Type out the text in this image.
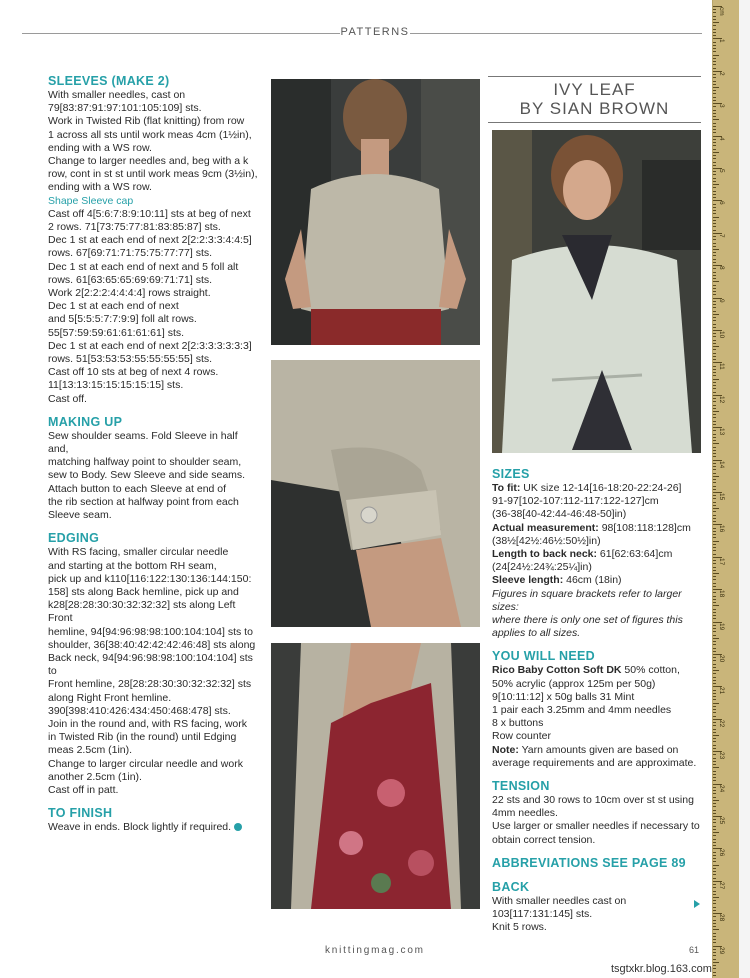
PATTERNS
SLEEVES (MAKE 2)

With smaller needles, cast on

79[83:87:91:97:101:105:109] sts.

Work in Twisted Rib (flat knitting) from row

1 across all sts until work meas 4cm (1½in),

ending with a WS row.

Change to larger needles and, beg with a k

row, cont in st st until work meas 9cm (3½in),

ending with a WS row.

Shape Sleeve cap

Cast off 4[5:6:7:8:9:10:11] sts at beg of next

2 rows. 71[73:75:77:81:83:85:87] sts.

Dec 1 st at each end of next 2[2:2:3:3:4:4:5]

rows. 67[69:71:71:75:75:77:77] sts.

Dec 1 st at each end of next and 5 foll alt

rows. 61[63:65:65:69:69:71:71] sts.

Work 2[2:2:2:4:4:4:4] rows straight.

Dec 1 st at each end of next

and 5[5:5:5:7:7:9:9] foll alt rows.

55[57:59:59:61:61:61:61] sts.

Dec 1 st at each end of next 2[2:3:3:3:3:3:3]

rows. 51[53:53:53:55:55:55:55] sts.

Cast off 10 sts at beg of next 4 rows.

11[13:13:15:15:15:15:15] sts.

Cast off.

MAKING UP

Sew shoulder seams. Fold Sleeve in half and,

matching halfway point to shoulder seam,

sew to Body. Sew Sleeve and side seams.

Attach button to each Sleeve at end of

the rib section at halfway point from each

Sleeve seam.

EDGING

With RS facing, smaller circular needle

and starting at the bottom RH seam,

pick up and k110[116:122:130:136:144:150:

158] sts along Back hemline, pick up and

k28[28:28:30:30:32:32:32] sts along Left Front

hemline, 94[94:96:98:98:100:104:104] sts to

shoulder, 36[38:40:42:42:42:46:48] sts along

Back neck, 94[94:96:98:98:100:104:104] sts to

Front hemline, 28[28:28:30:30:32:32:32] sts

along Right Front hemline.

390[398:410:426:434:450:468:478] sts.

Join in the round and, with RS facing, work

in Twisted Rib (in the round) until Edging

meas 2.5cm (1in).

Change to larger circular needle and work

another 2.5cm (1in).

Cast off in patt.

TO FINISH

Weave in ends. Block lightly if required.

IVY LEAF
BY SIAN BROWN
SIZES

To fit: UK size 12-14[16-18:20-22:24-26]

91-97[102-107:112-117:122-127]cm

(36-38[40-42:44-46:48-50]in)

Actual measurement: 98[108:118:128]cm

(38½[42½:46½:50½]in)

Length to back neck: 61[62:63:64]cm

(24[24½:24¾:25¼]in)

Sleeve length: 46cm (18in)

Figures in square brackets refer to larger sizes:

where there is only one set of figures this

applies to all sizes.

YOU WILL NEED

Rico Baby Cotton Soft DK 50% cotton,

50% acrylic (approx 125m per 50g)

9[10:11:12] x 50g balls 31 Mint

1 pair each 3.25mm and 4mm needles

8 x buttons

Row counter

Note: Yarn amounts given are based on

average requirements and are approximate.

TENSION

22 sts and 30 rows to 10cm over st st using

4mm needles.

Use larger or smaller needles if necessary to

obtain correct tension.

ABBREVIATIONS SEE PAGE 89
BACK

With smaller needles cast on

103[117:131:145] sts.

Knit 5 rows.

cm
1
2
3
4
5
6
7
8
9
10
11
12
13
14
15
16
17
18
19
20
21
22
23
24
25
26
27
28
29
knittingmag.com	61
tsgtxkr.blog.163.com
